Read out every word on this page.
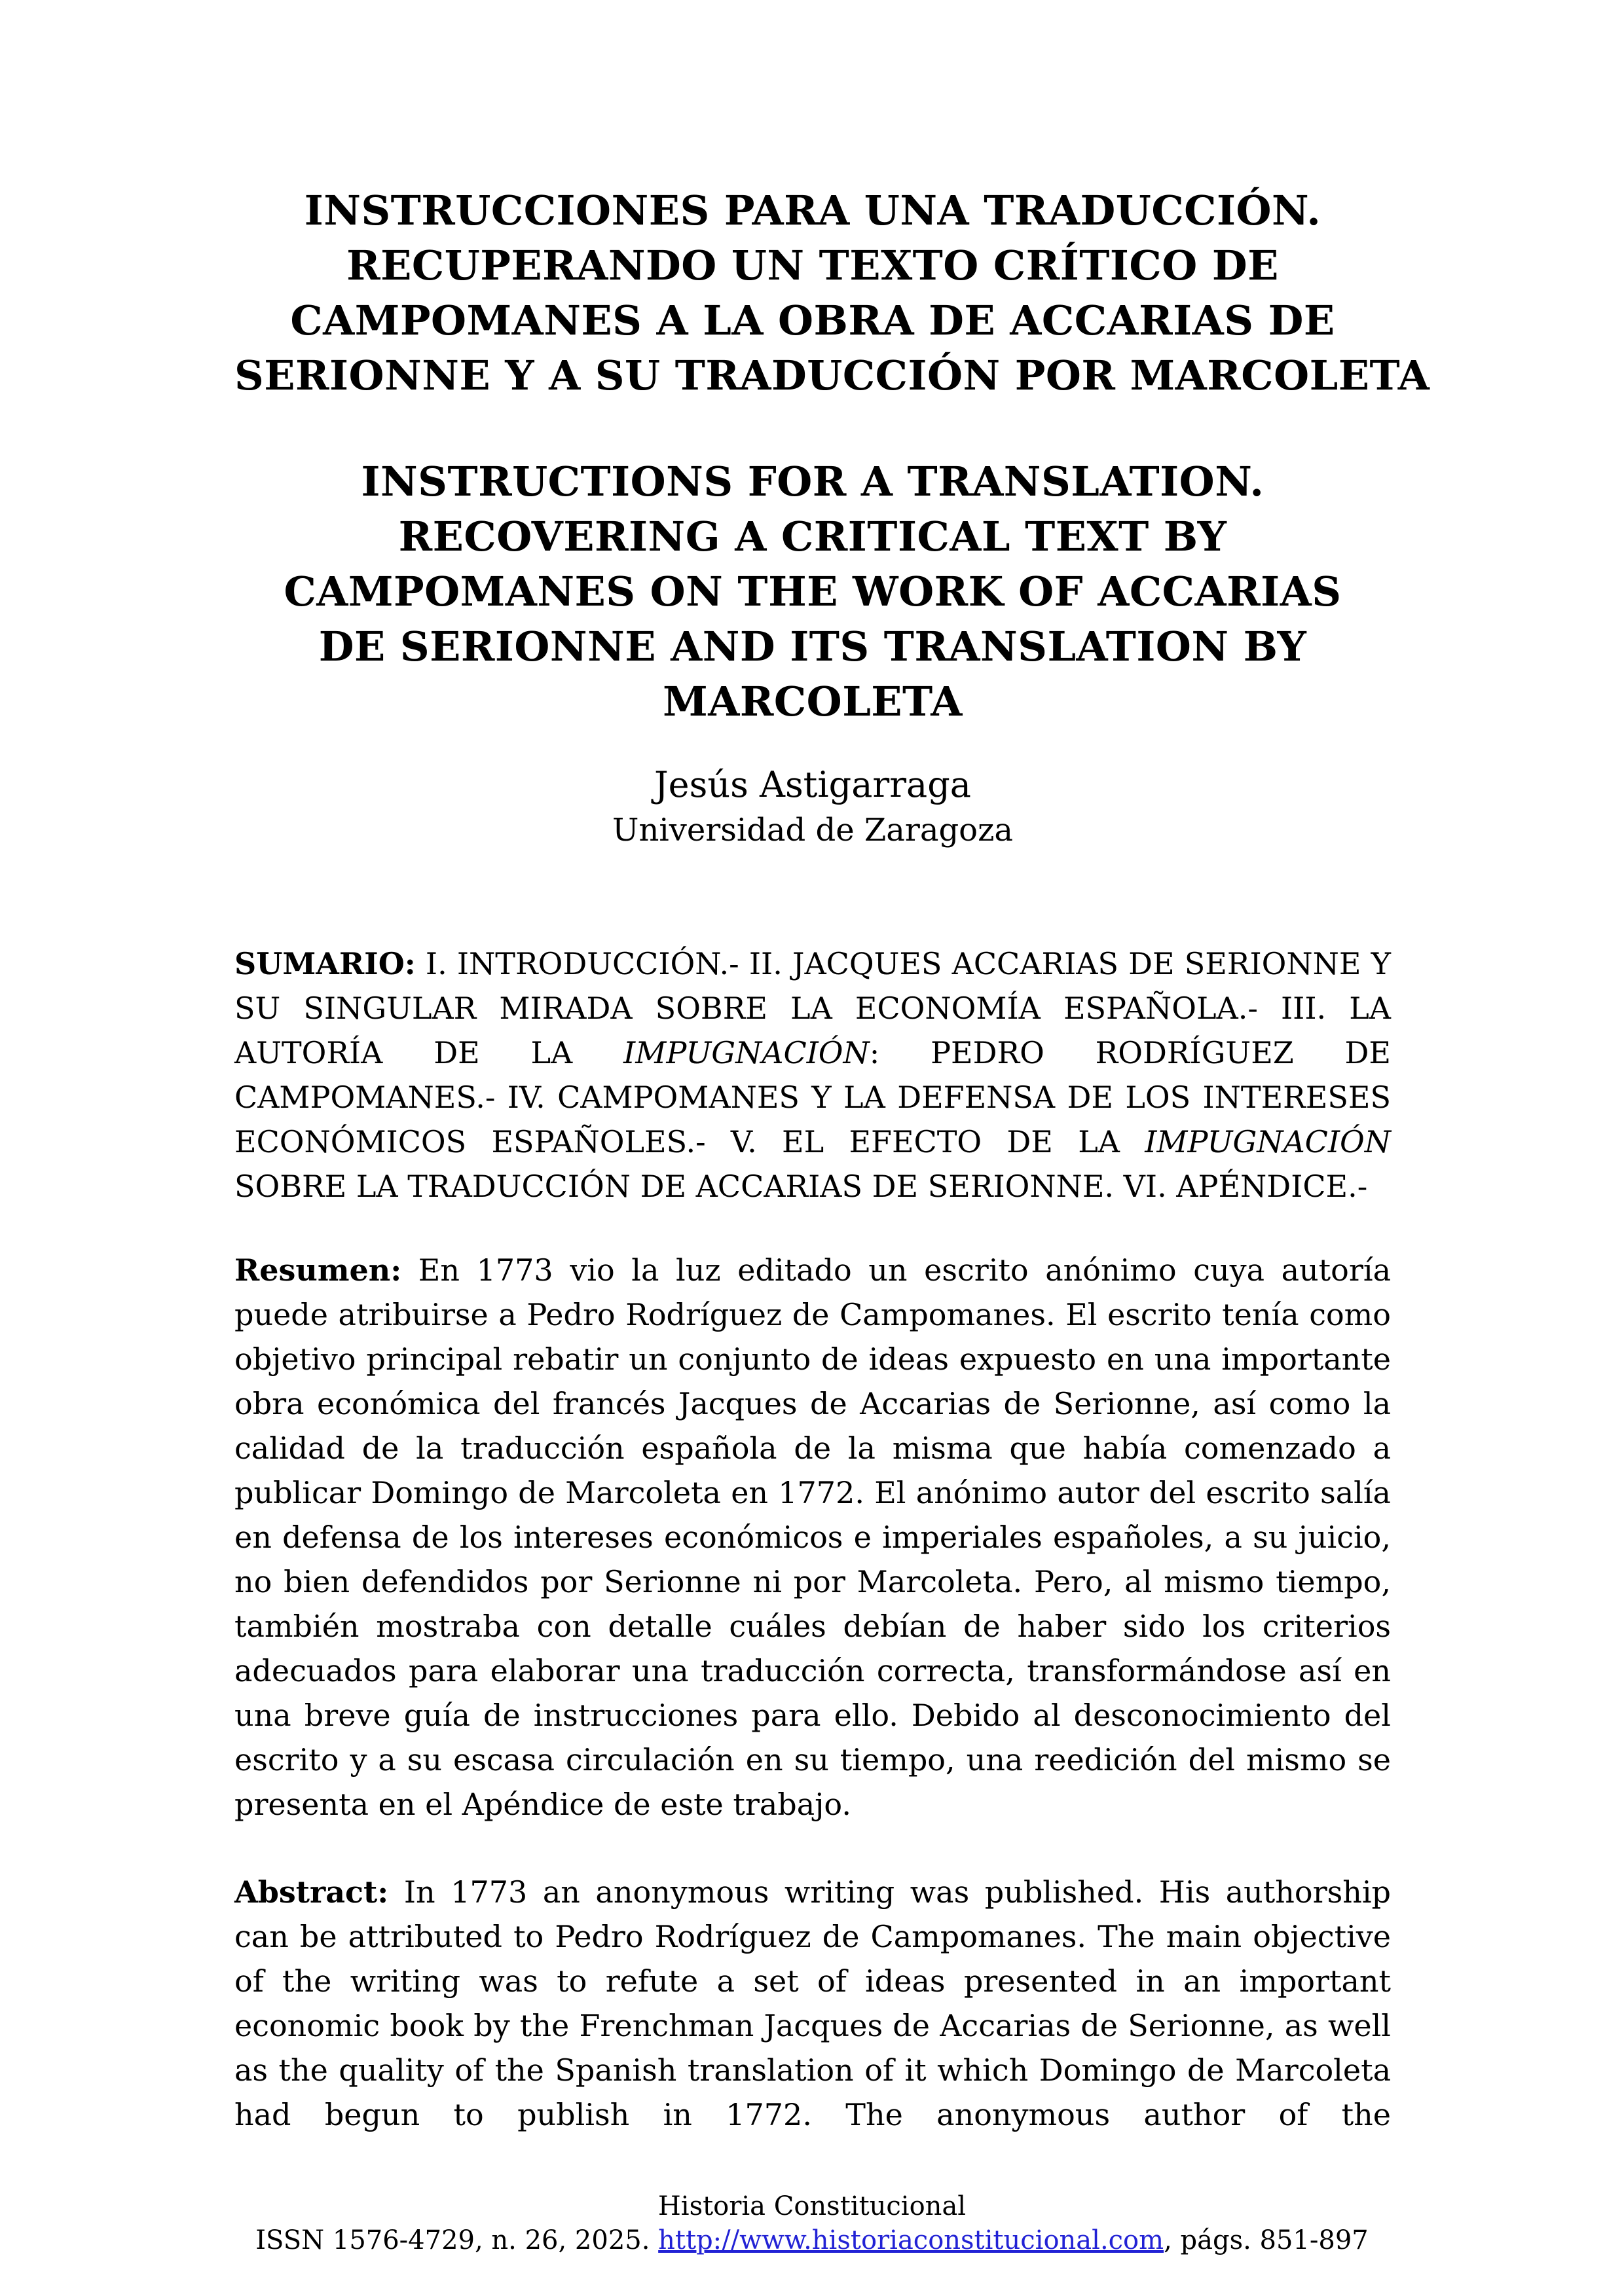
INSTRUCCIONES PARA UNA TRADUCCIÓN.
RECUPERANDO UN TEXTO CRÍTICO DE
CAMPOMANES A LA OBRA DE ACCARIAS DE
SERIONNE Y A SU TRADUCCIÓN POR MARCOLETA
INSTRUCTIONS FOR A TRANSLATION.
RECOVERING A CRITICAL TEXT BY
CAMPOMANES ON THE WORK OF ACCARIAS
DE SERIONNE AND ITS TRANSLATION BY
MARCOLETA
Jesús Astigarraga
Universidad de Zaragoza

SUMARIO: I. INTRODUCCIÓN.- II. JACQUES ACCARIAS DE SERIONNE Y SU SINGULAR MIRADA SOBRE LA ECONOMÍA ESPAÑOLA.- III. LA AUTORÍA DE LA IMPUGNACIÓN: PEDRO RODRÍGUEZ DE CAMPOMANES.- IV. CAMPOMANES Y LA DEFENSA DE LOS INTERESES ECONÓMICOS ESPAÑOLES.- V. EL EFECTO DE LA IMPUGNACIÓN SOBRE LA TRADUCCIÓN DE ACCARIAS DE SERIONNE. VI. APÉNDICE.-

Resumen: En 1773 vio la luz editado un escrito anónimo cuya autoría puede atribuirse a Pedro Rodríguez de Campomanes. El escrito tenía como objetivo principal rebatir un conjunto de ideas expuesto en una importante obra económica del francés Jacques de Accarias de Serionne, así como la calidad de la traducción española de la misma que había comenzado a publicar Domingo de Marcoleta en 1772. El anónimo autor del escrito salía en defensa de los intereses económicos e imperiales españoles, a su juicio, no bien defendidos por Serionne ni por Marcoleta. Pero, al mismo tiempo, también mostraba con detalle cuáles debían de haber sido los criterios adecuados para elaborar una traducción correcta, transformándose así en una breve guía de instrucciones para ello. Debido al desconocimiento del escrito y a su escasa circulación en su tiempo, una reedición del mismo se presenta en el Apéndice de este trabajo.

Abstract: In 1773 an anonymous writing was published. His authorship can be attributed to Pedro Rodríguez de Campomanes. The main objective of the writing was to refute a set of ideas presented in an important economic book by the Frenchman Jacques de Accarias de Serionne, as well as the quality of the Spanish translation of it which Domingo de Marcoleta had begun to publish in 1772. The anonymous author of the

Historia Constitucional
ISSN 1576-4729, n. 26, 2025. http://www.historiaconstitucional.com, págs. 851-897
